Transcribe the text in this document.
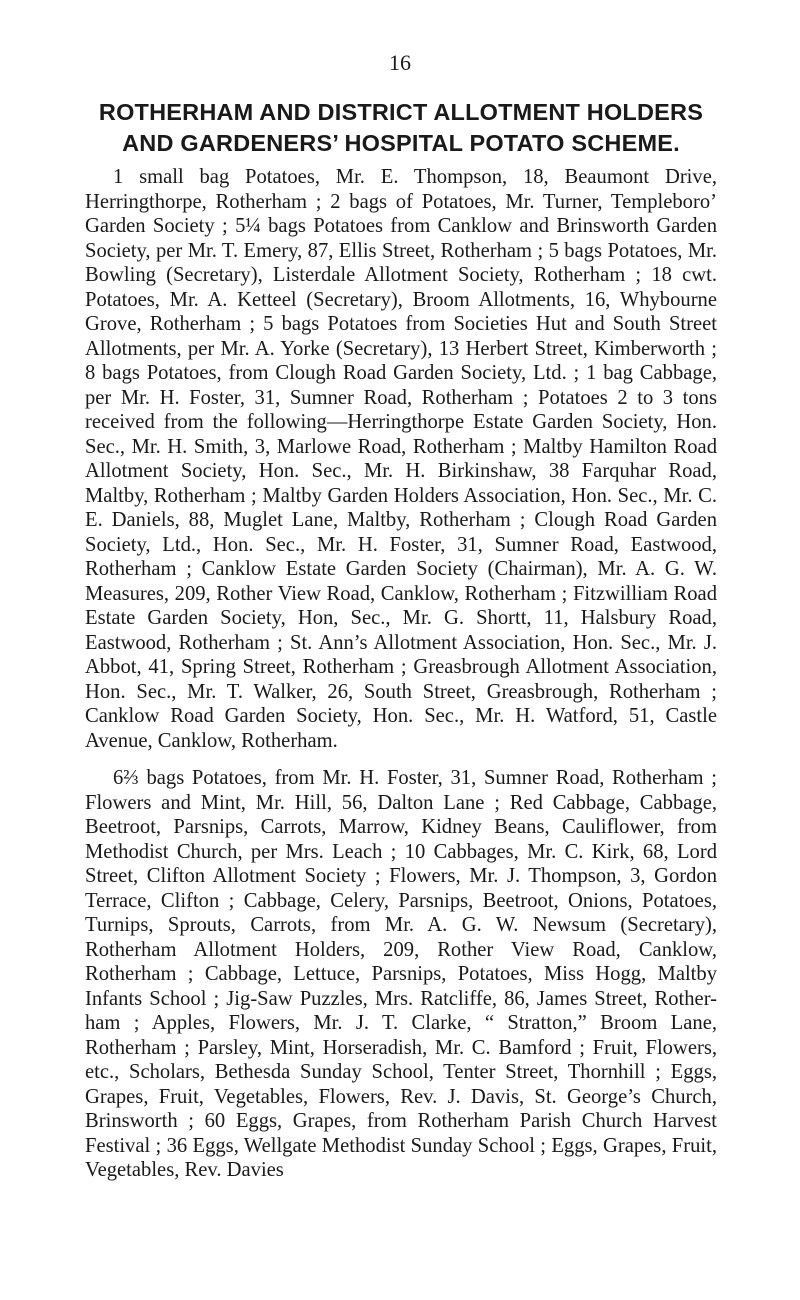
16
ROTHERHAM AND DISTRICT ALLOTMENT HOLDERS AND GARDENERS’ HOSPITAL POTATO SCHEME.

1 small bag Potatoes, Mr. E. Thompson, 18, Beaumont Drive, Herringthorpe, Rotherham ; 2 bags of Potatoes, Mr. Turner, Templeboro’ Garden Society ; 5¼ bags Potatoes from Canklow and Brinsworth Garden Society, per Mr. T. Emery, 87, Ellis Street, Rotherham ; 5 bags Potatoes, Mr. Bowling (Secretary), Listerdale Allotment Society, Rotherham ; 18 cwt. Potatoes, Mr. A. Ketteel (Secretary), Broom Allotments, 16, Whybourne Grove, Rotherham ; 5 bags Potatoes from Societies Hut and South Street Allotments, per Mr. A. Yorke (Secretary), 13 Herbert Street, Kimberworth ; 8 bags Potatoes, from Clough Road Garden Society, Ltd. ; 1 bag Cabbage, per Mr. H. Foster, 31, Sumner Road, Rotherham ; Potatoes 2 to 3 tons received from the following—Herringthorpe Estate Garden Society, Hon. Sec., Mr. H. Smith, 3, Marlowe Road, Rotherham ; Maltby Hamilton Road Allotment Society, Hon. Sec., Mr. H. Birkinshaw, 38 Farquhar Road, Maltby, Rotherham ; Maltby Garden Holders Association, Hon. Sec., Mr. C. E. Daniels, 88, Muglet Lane, Maltby, Rotherham ; Clough Road Garden Society, Ltd., Hon. Sec., Mr. H. Foster, 31, Sumner Road, Eastwood, Rotherham ; Canklow Estate Garden Society (Chairman), Mr. A. G. W. Measures, 209, Rother View Road, Canklow, Rotherham ; Fitzwilliam Road Estate Garden Society, Hon, Sec., Mr. G. Shortt, 11, Halsbury Road, Eastwood, Rotherham ; St. Ann’s Allotment Association, Hon. Sec., Mr. J. Abbot, 41, Spring Street, Rotherham ; Greasbrough Allotment Association, Hon. Sec., Mr. T. Walker, 26, South Street, Greasbrough, Rotherham ; Canklow Road Garden Society, Hon. Sec., Mr. H. Watford, 51, Castle Avenue, Canklow, Rotherham.

6⅔ bags Potatoes, from Mr. H. Foster, 31, Sumner Road, Rotherham ; Flowers and Mint, Mr. Hill, 56, Dalton Lane ; Red Cabbage, Cabbage, Beetroot, Parsnips, Carrots, Marrow, Kidney Beans, Cauliflower, from Methodist Church, per Mrs. Leach ; 10 Cabbages, Mr. C. Kirk, 68, Lord Street, Clifton Allotment Society ; Flowers, Mr. J. Thompson, 3, Gordon Terrace, Clifton ; Cabbage, Celery, Parsnips, Beetroot, Onions, Potatoes, Turnips, Sprouts, Carrots, from Mr. A. G. W. Newsum (Secretary), Rotherham Allotment Holders, 209, Rother View Road, Canklow, Rotherham ; Cabbage, Lettuce, Parsnips, Potatoes, Miss Hogg, Maltby Infants School ; Jig-Saw Puzzles, Mrs. Ratcliffe, 86, James Street, Rother-ham ; Apples, Flowers, Mr. J. T. Clarke, “ Stratton,” Broom Lane, Rotherham ; Parsley, Mint, Horseradish, Mr. C. Bamford ; Fruit, Flowers, etc., Scholars, Bethesda Sunday School, Tenter Street, Thornhill ; Eggs, Grapes, Fruit, Vegetables, Flowers, Rev. J. Davis, St. George’s Church, Brinsworth ; 60 Eggs, Grapes, from Rotherham Parish Church Harvest Festival ; 36 Eggs, Wellgate Methodist Sunday School ; Eggs, Grapes, Fruit, Vegetables, Rev. Davies
